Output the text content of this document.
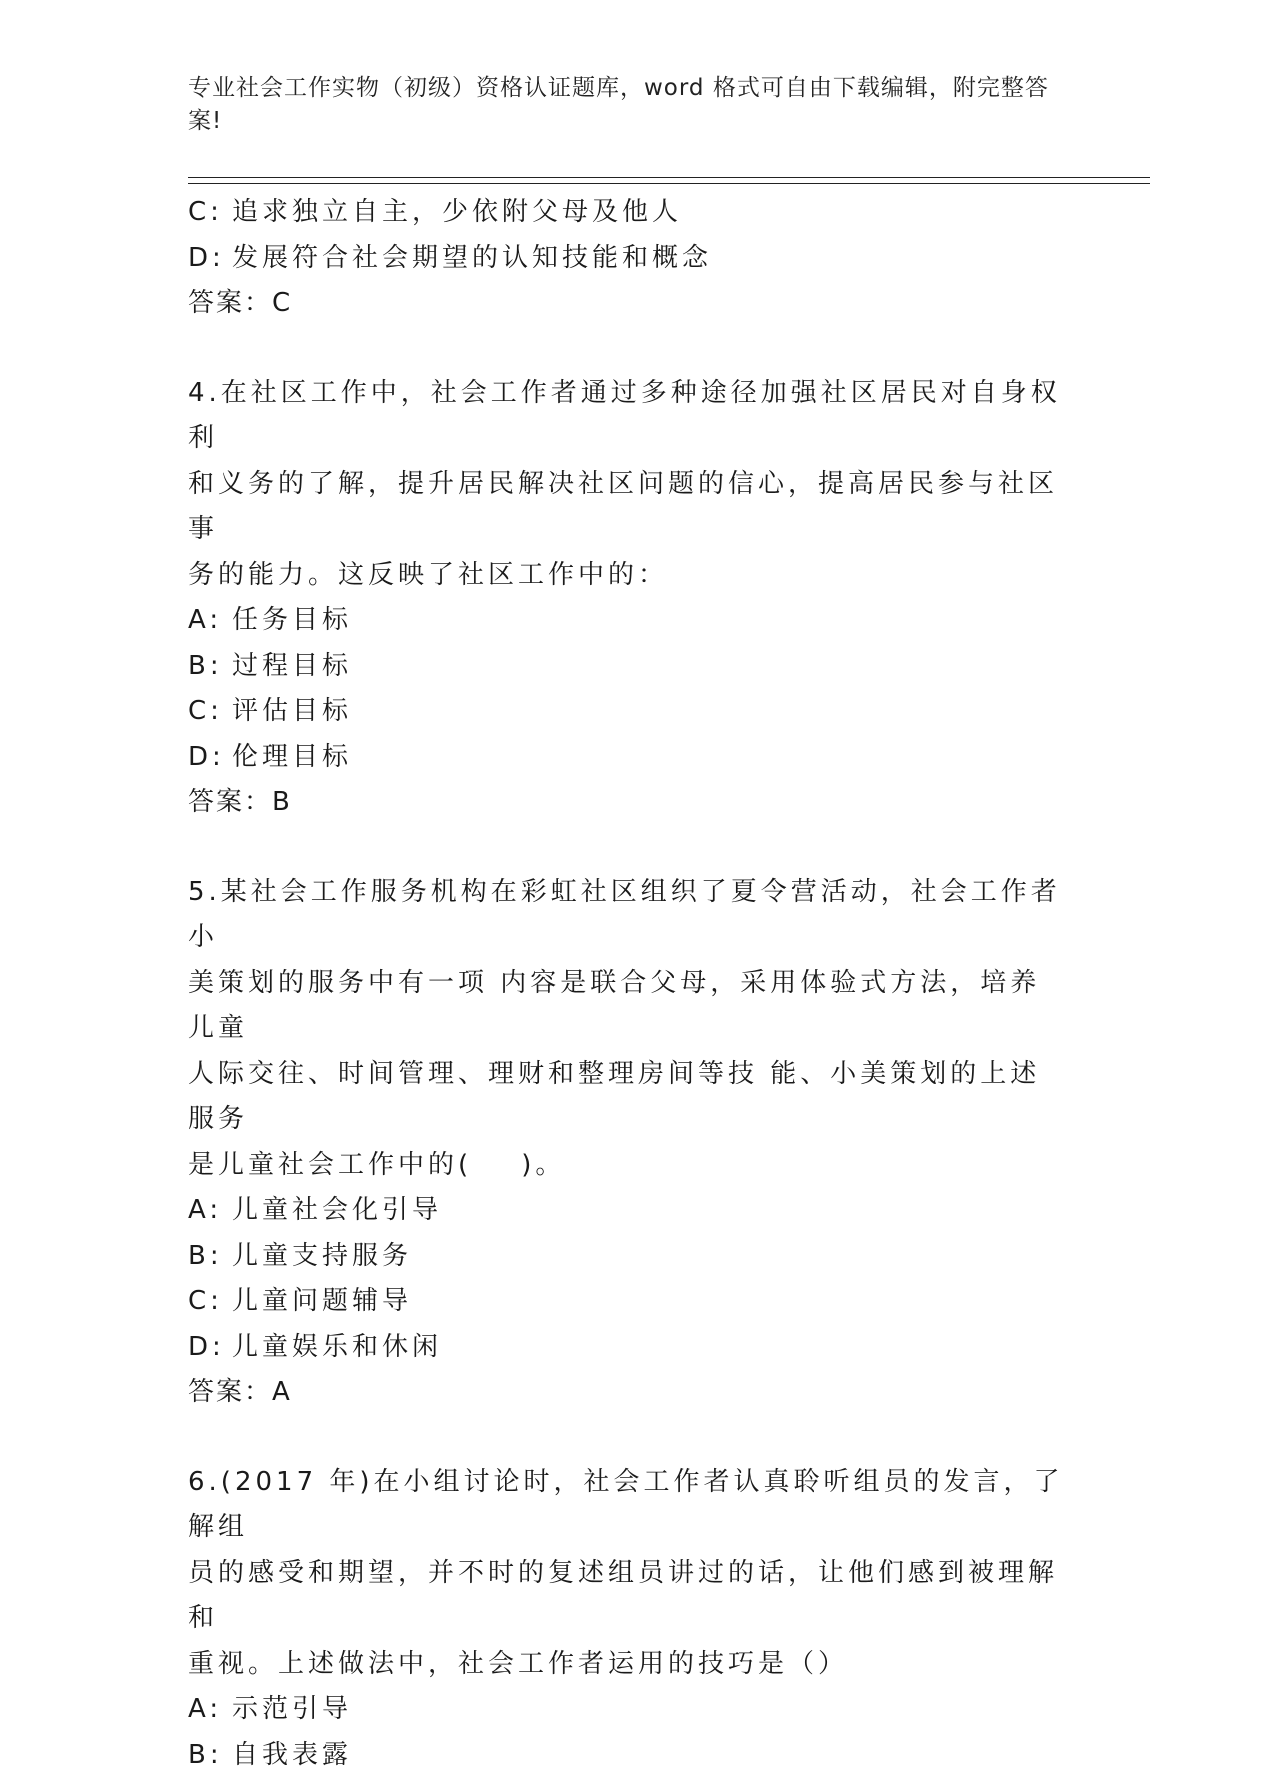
专业社会工作实物（初级）资格认证题库，word 格式可自由下载编辑，附完整答案!
C: 追求独立自主，少依附父母及他人
D: 发展符合社会期望的认知技能和概念
答案：C
4.在社区工作中，社会工作者通过多种途径加强社区居民对自身权利
和义务的了解，提升居民解决社区问题的信心，提高居民参与社区事
务的能力。这反映了社区工作中的：
A: 任务目标
B: 过程目标
C: 评估目标
D: 伦理目标
答案：B
5.某社会工作服务机构在彩虹社区组织了夏令营活动，社会工作者小
美策划的服务中有一项 内容是联合父母，采用体验式方法，培养儿童
人际交往、时间管理、理财和整理房间等技 能、小美策划的上述服务
是儿童社会工作中的(    )。
A: 儿童社会化引导
B: 儿童支持服务
C: 儿童问题辅导
D: 儿童娱乐和休闲
答案：A
6.(2017 年)在小组讨论时，社会工作者认真聆听组员的发言，了解组
员的感受和期望，并不时的复述组员讲过的话，让他们感到被理解和
重视。上述做法中，社会工作者运用的技巧是（）
A: 示范引导
B: 自我表露
